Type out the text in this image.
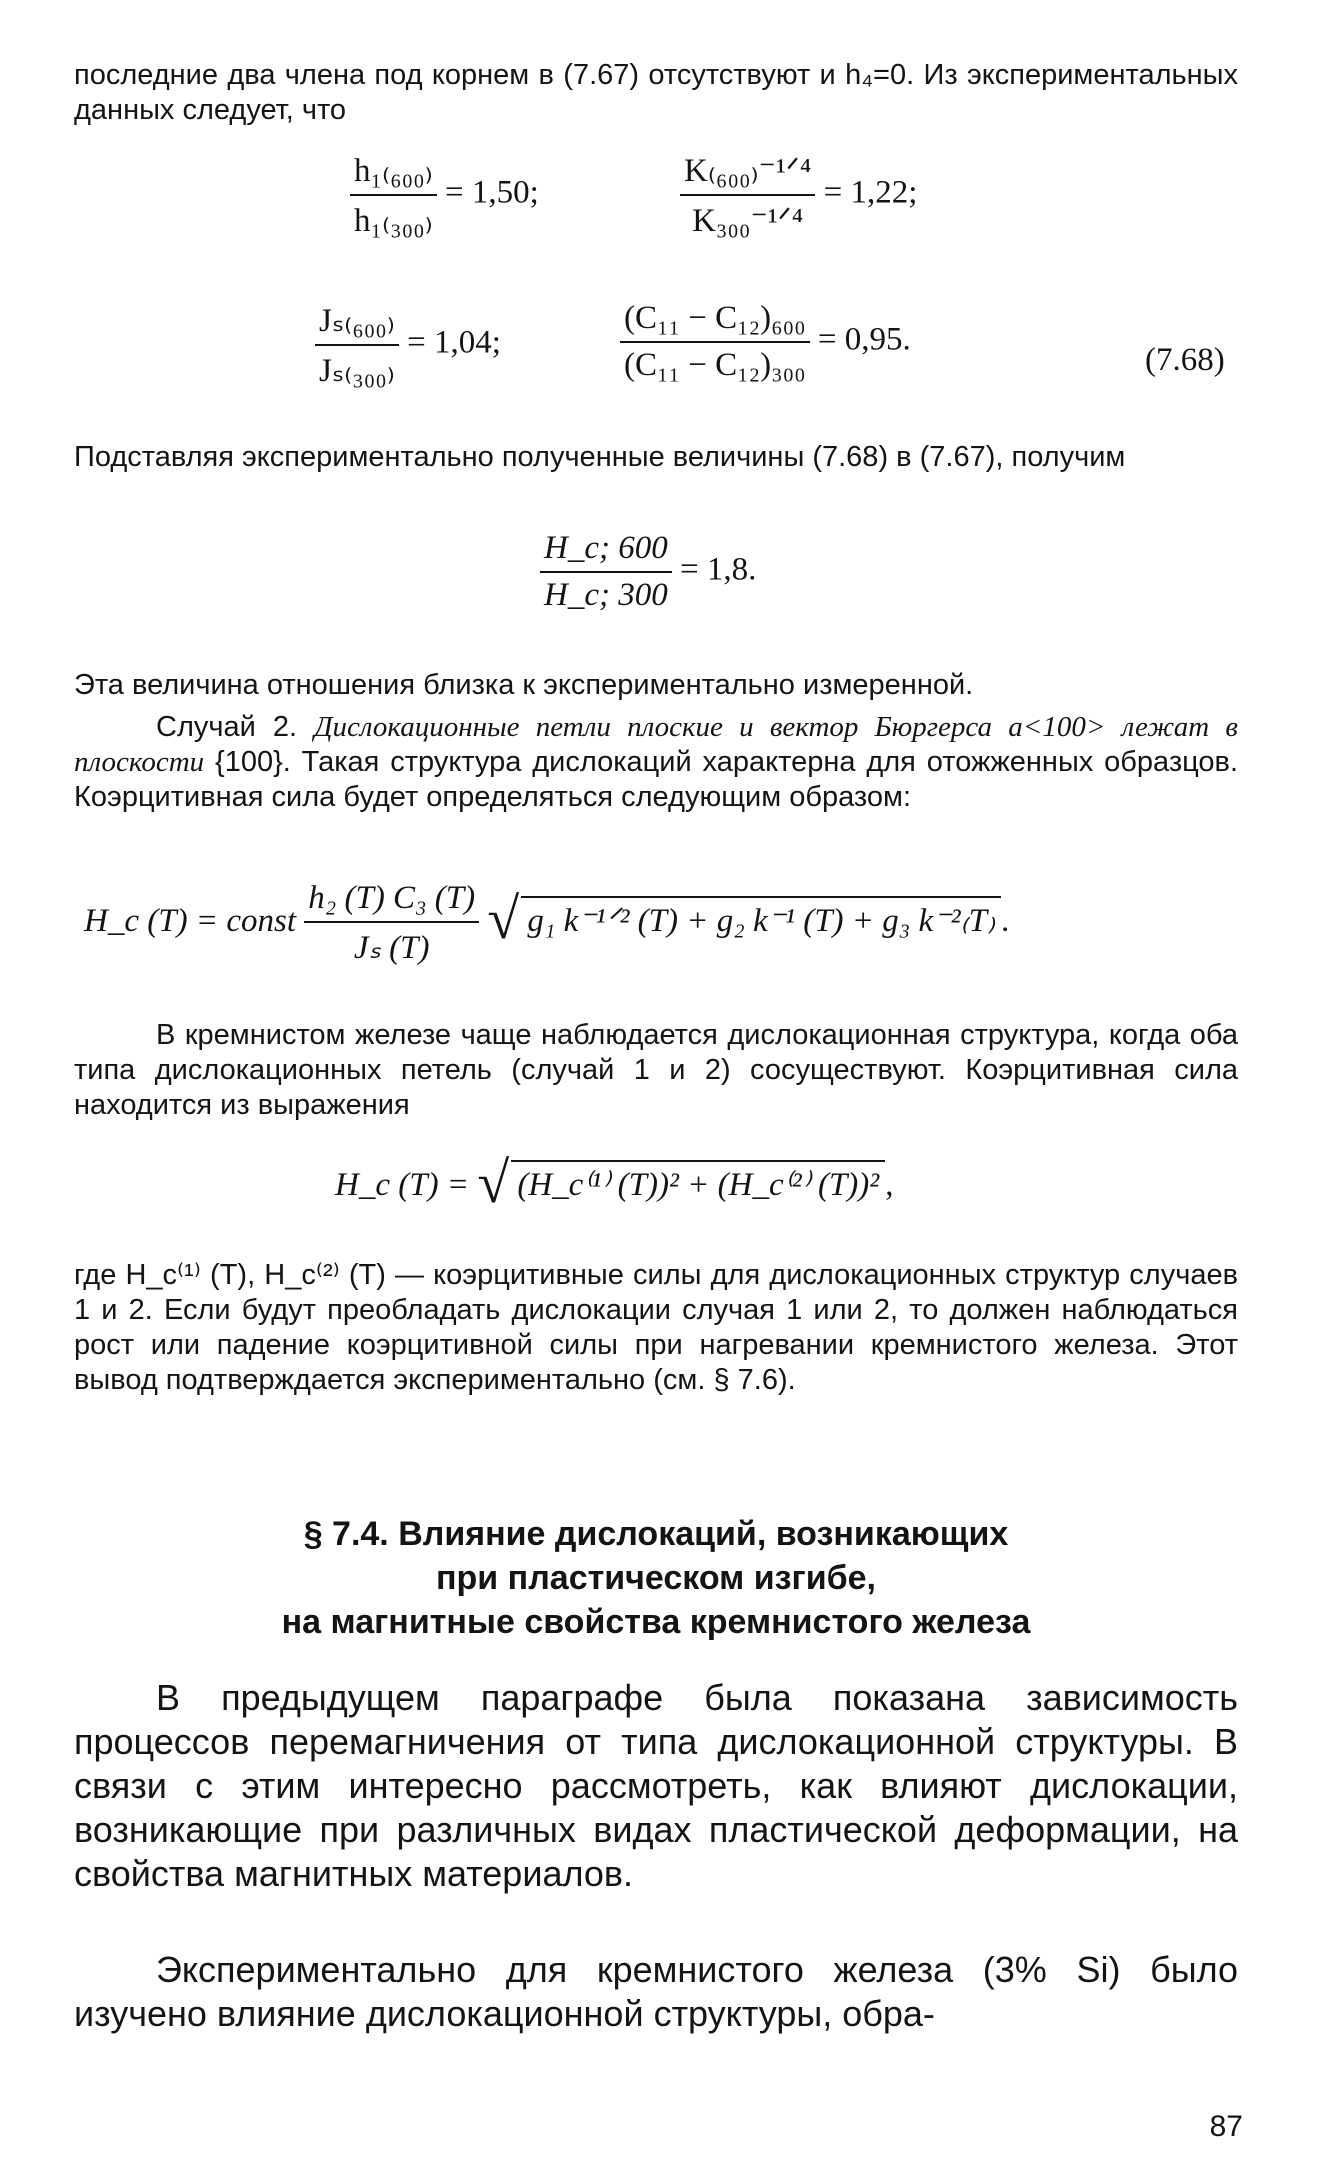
последние два члена под корнем в (7.67) отсутствуют и h₄=0. Из экспериментальных данных следует, что

$\frac{\text{h₁₍₆₀₀₎}}{\text{h₁₍₃₀₀₎}} = 1,50$;	$\frac{\text{K₍₆₀₀₎⁻¹ᐟ⁴}}{\text{K₃₀₀⁻¹ᐟ⁴}} = 1,22$;
$\frac{\text{Jₛ₍₆₀₀₎}}{\text{Jₛ₍₃₀₀₎}} = 1,04$;	$\frac{\text{(C₁₁ − C₁₂)₆₀₀}}{\text{(C₁₁ − C₁₂)₃₀₀}} = 0,95$.
(7.68)

Подставляя экспериментально полученные величины (7.68) в (7.67), получим

$\frac{H\_c; 600}{H\_c; 300} = 1,8$.

Эта величина отношения близка к экспериментально измеренной.

Случай 2. Дислокационные петли плоские и вектор Бюргерса a<100> лежат в плоскости {100}. Такая структура дислокаций характерна для отожженных образцов. Коэрцитивная сила будет определяться следующим образом:

H_c (T) = const $\frac{\text{h₂ (T) C₃ (T)}}{\text{Jₛ (T)}}$
√ g₁ k⁻¹ᐟ² (T) + g₂ k⁻¹ (T) + g₃ k⁻²₍T₎ .

В кремнистом железе чаще наблюдается дислокационная структура, когда оба типа дислокационных петель (случай 1 и 2) сосуществуют. Коэрцитивная сила находится из выражения

H_c (T) = √ (H_c⁽¹⁾ (T))² + (H_c⁽²⁾ (T))² ,

где H_c⁽¹⁾ (T), H_c⁽²⁾ (T) — коэрцитивные силы для дислокационных структур случаев 1 и 2. Если будут преобладать дислокации случая 1 или 2, то должен наблюдаться рост или падение коэрцитивной силы при нагревании кремнистого железа. Этот вывод подтверждается экспериментально (см. § 7.6).

§ 7.4. Влияние дислокаций, возникающих
при пластическом изгибе,
на магнитные свойства кремнистого железа

В предыдущем параграфе была показана зависимость процессов перемагничения от типа дислокационной структуры. В связи с этим интересно рассмотреть, как влияют дислокации, возникающие при различных видах пластической деформации, на свойства магнитных материалов.

Экспериментально для кремнистого железа (3% Si) было изучено влияние дислокационной структуры, обра-

87
